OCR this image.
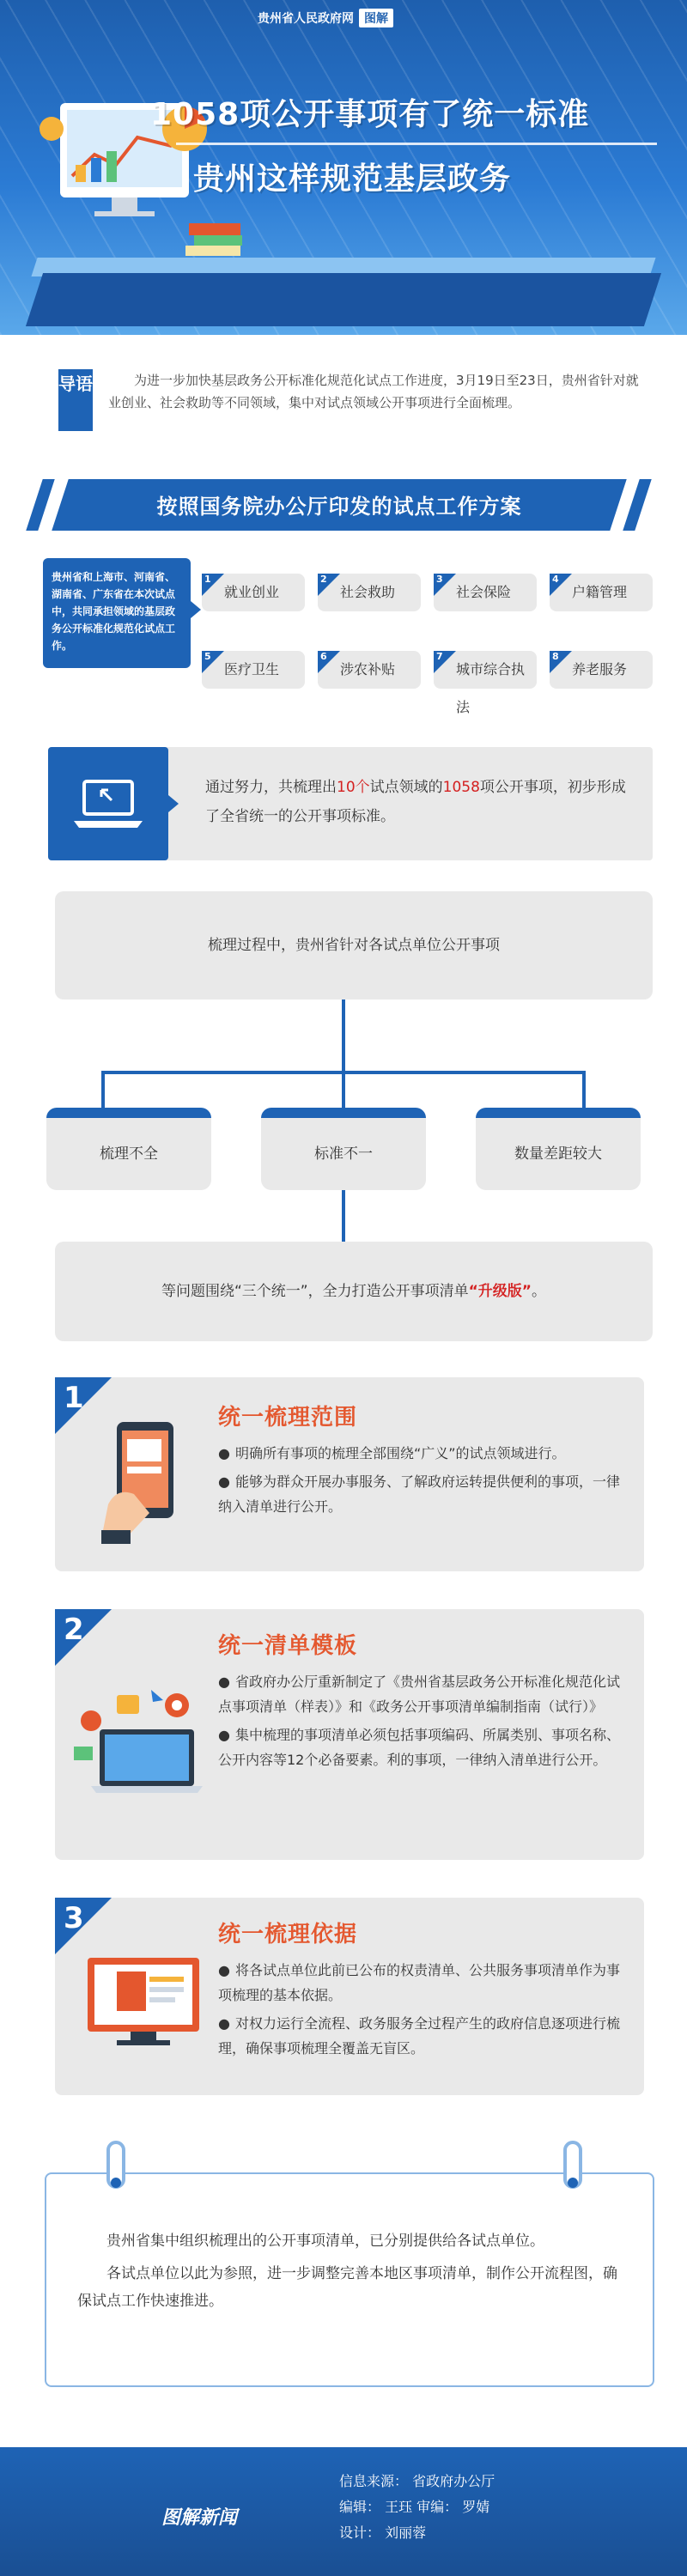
贵州省人民政府网 图解
1058项公开事项有了统一标准
贵州这样规范基层政务
导语	为进一步加快基层政务公开标准化规范化试点工作进度，3月19日至23日，贵州省针对就业创业、社会救助等不同领域，集中对试点领域公开事项进行全面梳理。

按照国务院办公厅印发的试点工作方案
贵州省和上海市、河南省、湖南省、广东省在本次试点中，共同承担领域的基层政务公开标准化规范化试点工作。
1
就业创业
2
社会救助
3
社会保险
4
户籍管理
5
医疗卫生
6
涉农补贴
7
城市综合执法
8
养老服务

通过努力，共梳理出10个试点领域的1058项公开事项，初步形成了全省统一的公开事项标准。

梳理过程中，贵州省针对各试点单位公开事项
梳理不全	标准不一	数量差距较大
等问题围绕“三个统一”，全力打造公开事项清单“升级版”。
1
统一梳理范围

● 明确所有事项的梳理全部围绕“广义”的试点领域进行。

● 能够为群众开展办事服务、了解政府运转提供便利的事项，一律纳入清单进行公开。

2	统一清单模板

● 省政府办公厅重新制定了《贵州省基层政务公开标准化规范化试点事项清单（样表）》和《政务公开事项清单编制指南（试行）》

● 集中梳理的事项清单必须包括事项编码、所属类别、事项名称、公开内容等12个必备要素。利的事项，一律纳入清单进行公开。

3	统一梳理依据

● 将各试点单位此前已公布的权责清单、公共服务事项清单作为事项梳理的基本依据。

● 对权力运行全流程、政务服务全过程产生的政府信息逐项进行梳理，确保事项梳理全覆盖无盲区。

贵州省集中组织梳理出的公开事项清单，已分别提供给各试点单位。

各试点单位以此为参照，进一步调整完善本地区事项清单，制作公开流程图，确保试点工作快速推进。

图解新闻
信息来源： 省政府办公厅
编辑： 王珏 审编： 罗婧
设计： 刘丽蓉
